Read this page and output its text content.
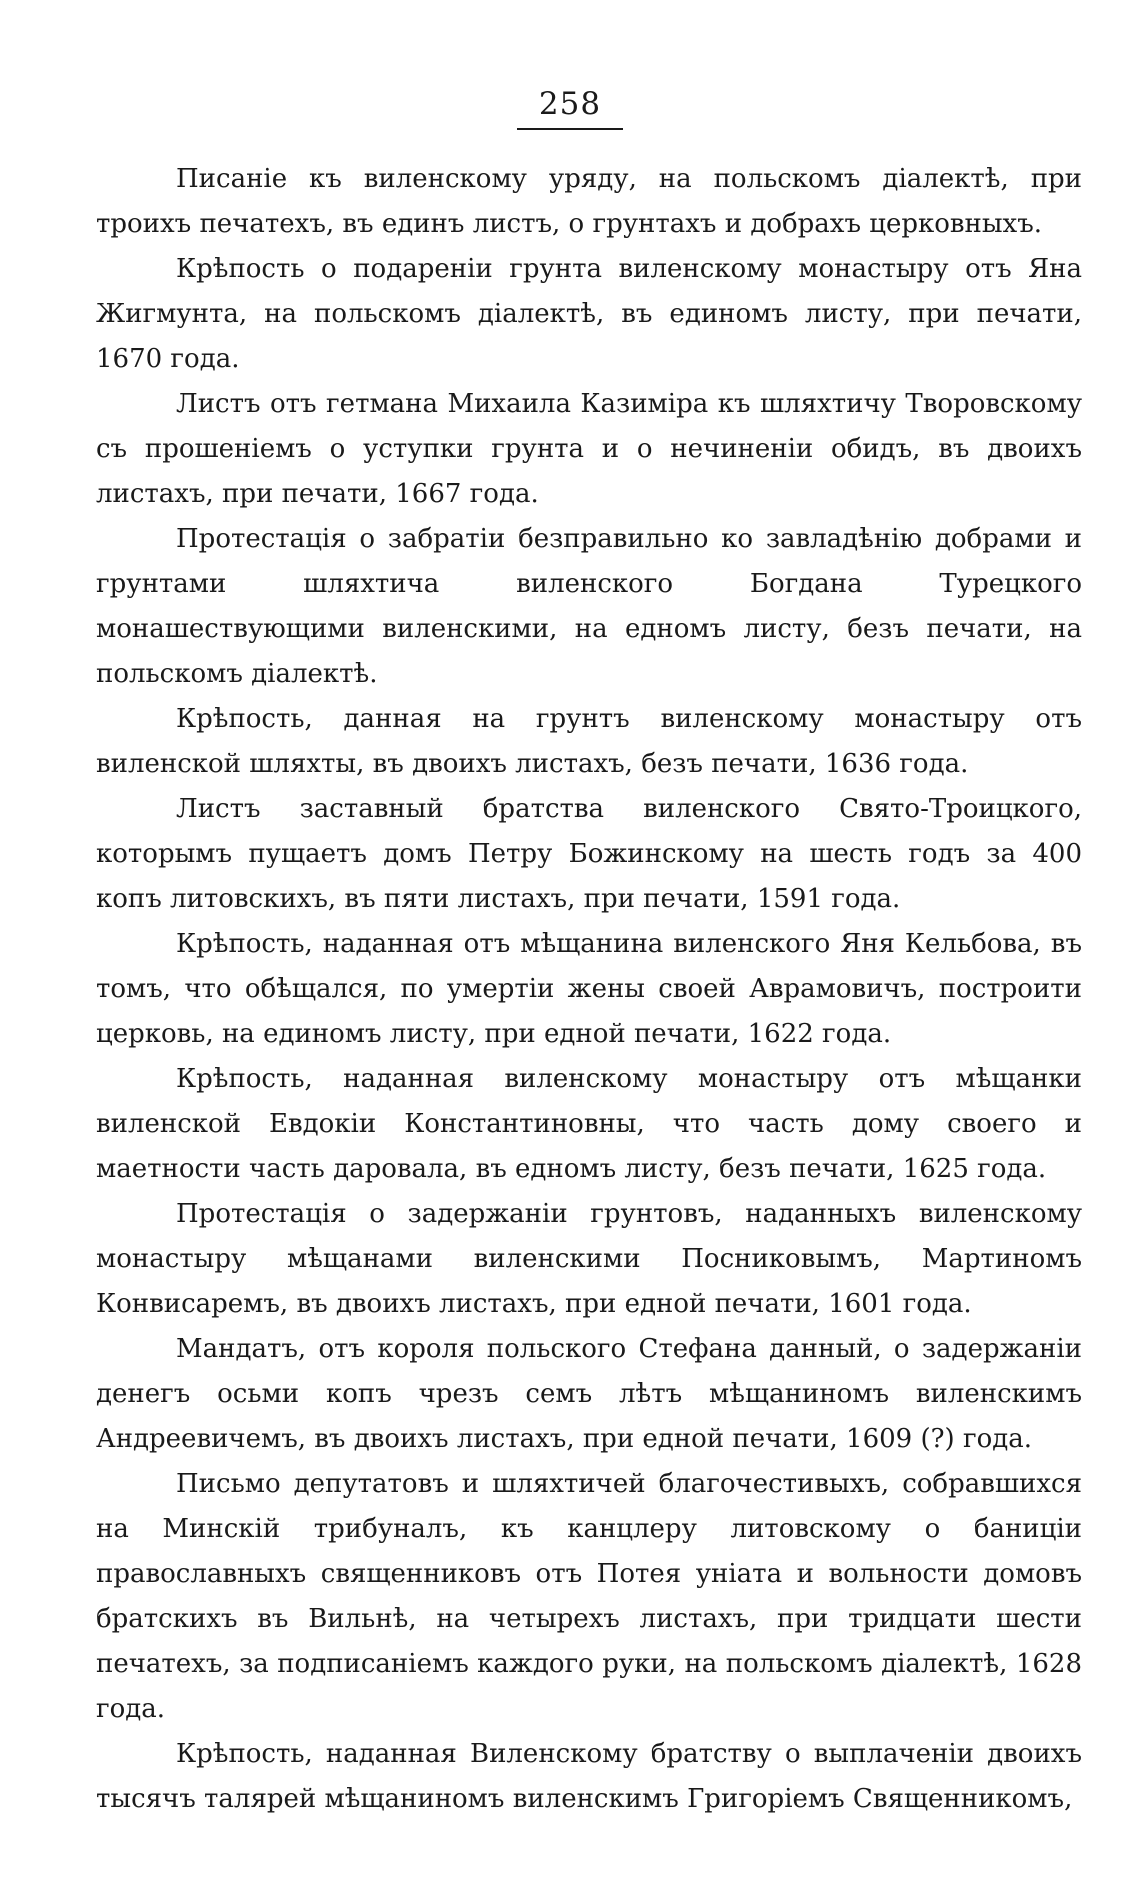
258

Писаніе къ виленскому уряду, на польскомъ діалектѣ, при троихъ печатехъ, въ единъ листъ, о грунтахъ и добрахъ церковныхъ.

Крѣпость о подареніи грунта виленскому монастыру отъ Яна Жигмунта, на польскомъ діалектѣ, въ единомъ листу, при печати, 1670 года.

Листъ отъ гетмана Михаила Казиміра къ шляхтичу Творовскому съ прошеніемъ о уступки грунта и о нечиненіи обидъ, въ двоихъ листахъ, при печати, 1667 года.

Протестація о забратіи безправильно ко завладѣнію добрами и грунтами шляхтича виленского Богдана Турецкого монашествующими виленскими, на едномъ листу, безъ печати, на польскомъ діалектѣ.

Крѣпость, данная на грунтъ виленскому монастыру отъ виленской шляхты, въ двоихъ листахъ, безъ печати, 1636 года.

Листъ заставный братства виленского Свято-Троицкого, которымъ пущаетъ домъ Петру Божинскому на шесть годъ за 400 копъ литовскихъ, въ пяти листахъ, при печати, 1591 года.

Крѣпость, наданная отъ мѣщанина виленского Яня Кельбова, въ томъ, что обѣщался, по умертіи жены своей Аврамовичъ, построити церковь, на единомъ листу, при едной печати, 1622 года.

Крѣпость, наданная виленскому монастыру отъ мѣщанки виленской Евдокіи Константиновны, что часть дому своего и маетности часть даровала, въ едномъ листу, безъ печати, 1625 года.

Протестація о задержаніи грунтовъ, наданныхъ виленскому монастыру мѣщанами виленскими Посниковымъ, Мартиномъ Конвисаремъ, въ двоихъ листахъ, при едной печати, 1601 года.

Мандатъ, отъ короля польского Стефана данный, о задержаніи денегъ осьми копъ чрезъ семъ лѣтъ мѣщаниномъ виленскимъ Андреевичемъ, въ двоихъ листахъ, при едной печати, 1609 (?) года.

Письмо депутатовъ и шляхтичей благочестивыхъ, собравшихся на Минскій трибуналъ, къ канцлеру литовскому о баниціи православныхъ священниковъ отъ Потея уніата и вольности домовъ братскихъ въ Вильнѣ, на четырехъ листахъ, при тридцати шести печатехъ, за подписаніемъ каждого руки, на польскомъ діалектѣ, 1628 года.

Крѣпость, наданная Виленскому братству о выплаченіи двоихъ тысячъ талярей мѣщаниномъ виленскимъ Григоріемъ Священникомъ,
